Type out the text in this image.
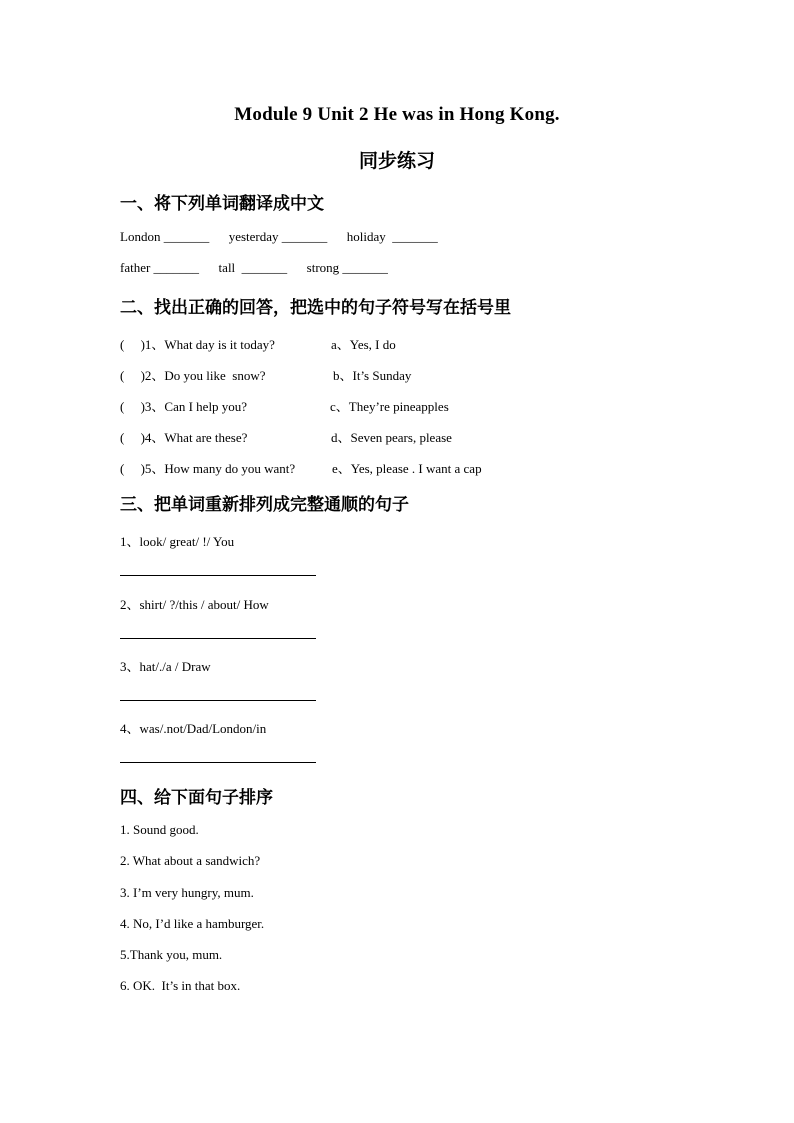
Module 9 Unit 2 He was in Hong Kong.
同步练习
一、将下列单词翻译成中文
London _______      yesterday _______      holiday  _______
father _______      tall  _______      strong _______
二、找出正确的回答，把选中的句子符号写在括号里
(     )1、What day is it today?	a、Yes, I do
(     )2、Do you like  snow?	b、It’s Sunday
(     )3、Can I help you?	c、They’re pineapples
(     )4、What are these?	d、Seven pears, please
(     )5、How many do you want?	e、Yes, please . I want a cap
三、把单词重新排列成完整通顺的句子
1、look/ great/ !/ You
2、shirt/ ?/this / about/ How
3、hat/./a / Draw
4、was/.not/Dad/London/in
四、给下面句子排序
1. Sound good.
2. What about a sandwich?
3. I’m very hungry, mum.
4. No, I’d like a hamburger.
5.Thank you, mum.
6. OK.  It’s in that box.
